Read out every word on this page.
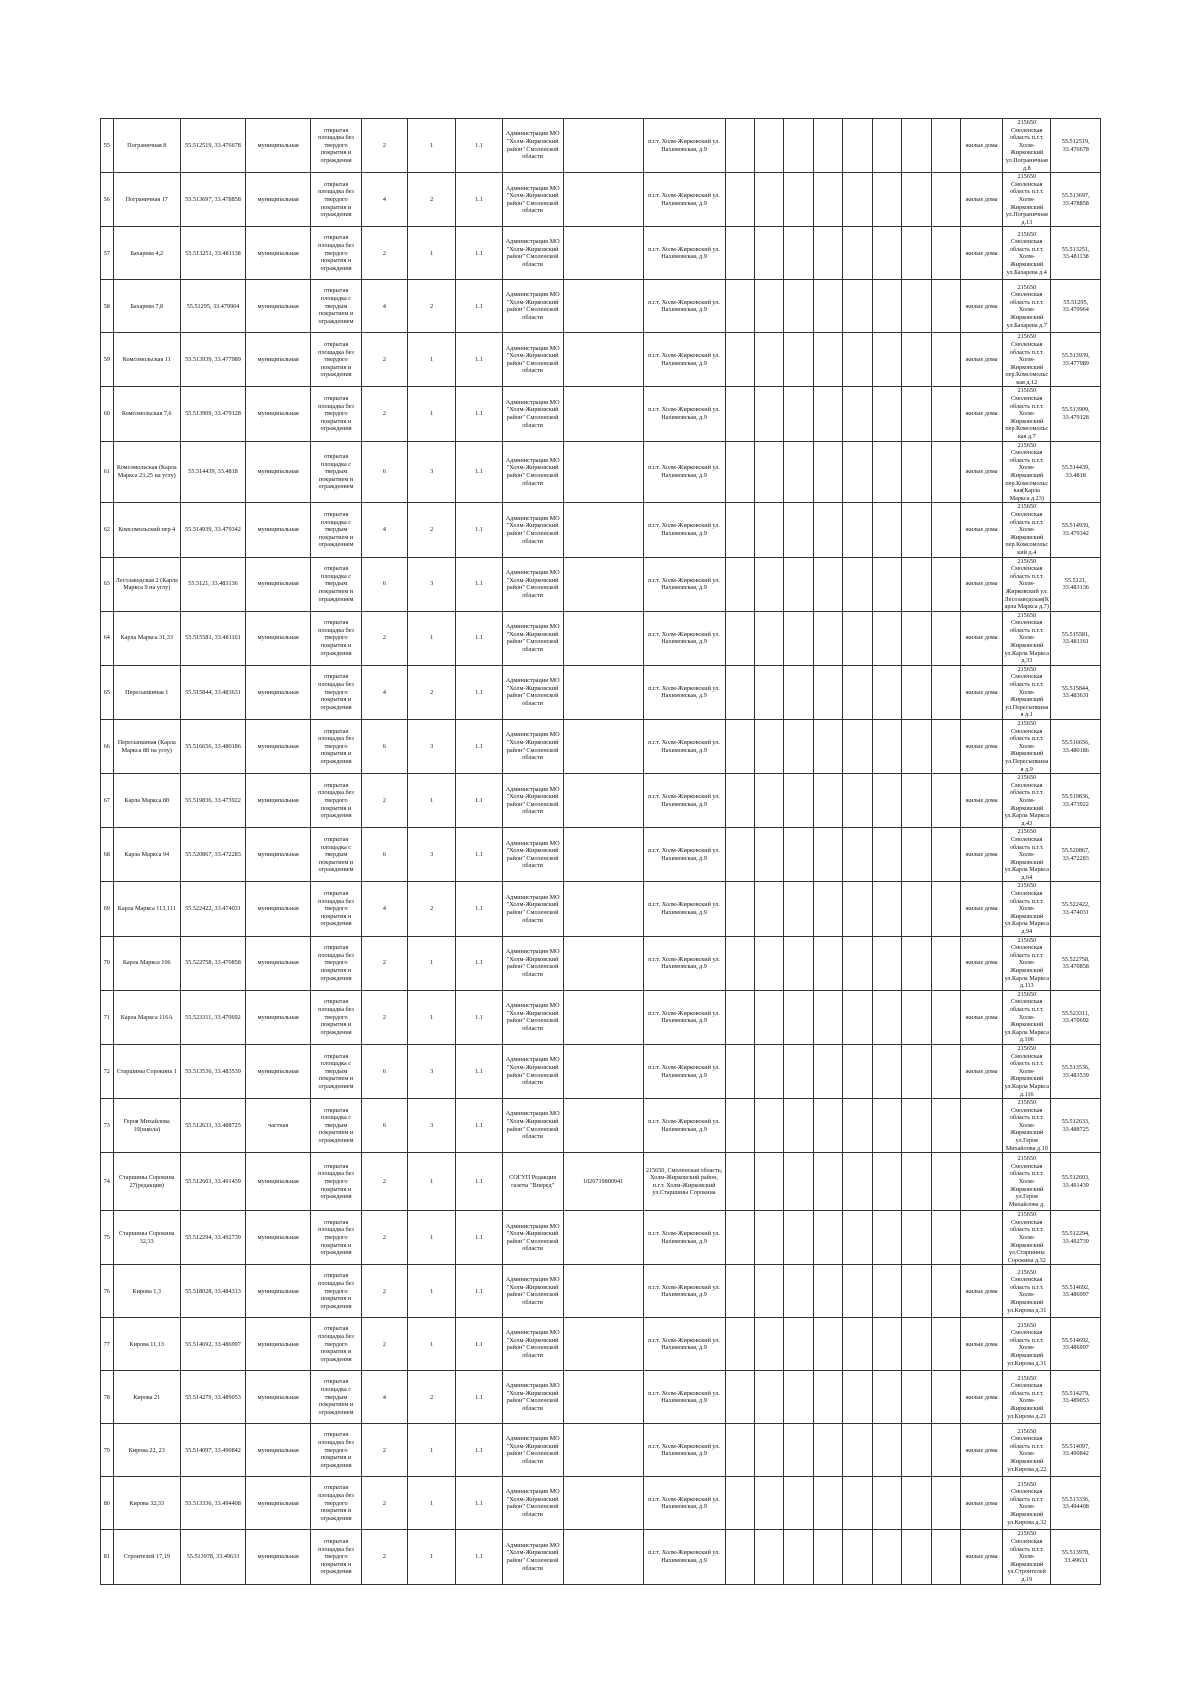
55	Пограничная 8	55.512519, 33.476678	муниципальная	открытая площадка без твердого покрытия и ограждения	2	1	1.1	Администрация МО "Холм-Жирковский район" Смоленской области		п.г.т. Холм-Жирковский ул. Нахимовская, д.9									жилые дома	215650 Смоленская область п.г.т. Холм-Жирковский ул.Пограничная д.8	55.512519, 33.476678
56	Пограничная 17	55.513697, 33.478858	муниципальная	открытая площадка без твердого покрытия и ограждения	4	2	1.1	Администрация МО "Холм-Жирковский район" Смоленской области		п.г.т. Холм-Жирковский ул. Нахимовская, д.9									жилые дома	215650 Смоленская область п.г.т. Холм-Жирковский ул.Пограничная д.13	55.513697, 33.478858
57	Бахарева 4,2	55.513251, 33.481138	муниципальная	открытая площадка без твердого покрытия и ограждения	2	1	1.1	Администрация МО "Холм-Жирковский район" Смоленской области		п.г.т. Холм-Жирковский ул. Нахимовская, д.9									жилые дома	215650 Смоленская область п.г.т. Холм-Жирковский ул.Бахарева д.4	55.513251, 33.481138
58	Бахарева 7,8	55.51295, 33.479964	муниципальная	открытая площадка с твердым покрытием и ограждением	4	2	1.1	Администрация МО "Холм-Жирковский район" Смоленской области		п.г.т. Холм-Жирковский ул. Нахимовская, д.9									жилые дома	215650 Смоленская область п.г.т. Холм-Жирковский ул.Бахарева д.7	55.51295, 33.479964
59	Комсомольская 11	55.513939, 33.477989	муниципальная	открытая площадка без твердого покрытия и ограждения	2	1	1.1	Администрация МО "Холм-Жирковский район" Смоленской области		п.г.т. Холм-Жирковский ул. Нахимовская, д.9									жилые дома	215650 Смоленская область п.г.т. Холм-Жирковский пер.Комсомольская д.12	55.513939, 33.477989
60	Комсомольская 7,6	55.513909, 33.479128	муниципальная	открытая площадка без твердого покрытия и ограждения	2	1	1.1	Администрация МО "Холм-Жирковский район" Смоленской области		п.г.т. Холм-Жирковский ул. Нахимовская, д.9									жилые дома	215650 Смоленская область п.г.т. Холм-Жирковский пер.Комсомольская д.7	55.513909, 33.479128
61	Комсомольская (Карла Маркса 23,25 на углу)	55.514439, 33.4818	муниципальная	открытая площадка с твердым покрытием и ограждением	6	3	1.1	Администрация МО "Холм-Жирковский район" Смоленской области		п.г.т. Холм-Жирковский ул. Нахимовская, д.9									жилые дома	215650 Смоленская область п.г.т. Холм-Жирковский пер.Комсомольская(Карла Маркса д.23)	55.514439, 33.4818
62	Комсомольский пер 4	55.514939, 33.479342	муниципальная	открытая площадка с твердым покрытием и ограждением	4	2	1.1	Администрация МО "Холм-Жирковский район" Смоленской области		п.г.т. Холм-Жирковский ул. Нахимовская, д.9									жилые дома	215650 Смоленская область п.г.т. Холм-Жирковский пер.Комсомольский д.4	55.514939, 33.479342
63	Лесозаводская 2 (Карла Маркса 9 на углу)	55.5121, 33.483136	муниципальная	открытая площадка с твердым покрытием и ограждением	6	3	1.1	Администрация МО "Холм-Жирковский район" Смоленской области		п.г.т. Холм-Жирковский ул. Нахимовская, д.9									жилые дома	215650 Смоленская область п.г.т. Холм-Жирковский ул. Лесозаводская(Карла Маркса д.7)	55.5121, 33.483136
64	Карла Маркса 31,33	55.515581, 33.481161	муниципальная	открытая площадка без твердого покрытия и ограждения	2	1	1.1	Администрация МО "Холм-Жирковский район" Смоленской области		п.г.т. Холм-Жирковский ул. Нахимовская, д.9									жилые дома	215650 Смоленская область п.г.т. Холм-Жирковский ул.Карла Маркса д.33	55.515581, 33.481161
65	Пересыпкиная 1	55.515844, 33.483631	муниципальная	открытая площадка без твердого покрытия и ограждения	4	2	1.1	Администрация МО "Холм-Жирковский район" Смоленской области		п.г.т. Холм-Жирковский ул. Нахимовская, д.9									жилые дома	215650 Смоленская область п.г.т. Холм-Жирковский ул.Пересыпкиная д.1	55.515844, 33.483631
66	Пересыпкиная (Карла Маркса 88 на углу)	55.516656, 33.480186	муниципальная	открытая площадка без твердого покрытия и ограждения	6	3	1.1	Администрация МО "Холм-Жирковский район" Смоленской области		п.г.т. Холм-Жирковский ул. Нахимовская, д.9									жилые дома	215650 Смоленская область п.г.т. Холм-Жирковский ул.Пересыпкиная д.9	55.516656, 33.480186
67	Карла Маркса 88	55.519836, 33.473922	муниципальная	открытая площадка без твердого покрытия и ограждения	2	1	1.1	Администрация МО "Холм-Жирковский район" Смоленской области		п.г.т. Холм-Жирковский ул. Нахимовская, д.9									жилые дома	215650 Смоленская область п.г.т. Холм-Жирковский ул.Карла Маркса д.43	55.519836, 33.473922
68	Карла Маркса 94	55.520867, 33.472283	муниципальная	открытая площадка с твердым покрытием и ограждением	6	3	1.1	Администрация МО "Холм-Жирковский район" Смоленской области		п.г.т. Холм-Жирковский ул. Нахимовская, д.9									жилые дома	215650 Смоленская область п.г.т. Холм-Жирковский ул.Карла Маркса д.64	55.520867, 33.472283
69	Карла Маркса 113,111	55.522422, 33.474031	муниципальная	открытая площадка без твердого покрытия и ограждения	4	2	1.1	Администрация МО "Холм-Жирковский район" Смоленской области		п.г.т. Холм-Жирковский ул. Нахимовская, д.9									жилые дома	215650 Смоленская область п.г.т. Холм-Жирковский ул.Карла Маркса д.94	55.522422, 33.474031
70	Карла Маркса 106	55.522758, 33.470858	муниципальная	открытая площадка без твердого покрытия и ограждения	2	1	1.1	Администрация МО "Холм-Жирковский район" Смоленской области		п.г.т. Холм-Жирковский ул. Нахимовская, д.9									жилые дома	215650 Смоленская область п.г.т. Холм-Жирковский ул.Карла Маркса д.113	55.522758, 33.470858
71	Карла Маркса 116А	55.523311, 33.470692	муниципальная	открытая площадка без твердого покрытия и ограждения	2	1	1.1	Администрация МО "Холм-Жирковский район" Смоленской области		п.г.т. Холм-Жирковский ул. Нахимовская, д.9									жилые дома	215650 Смоленская область п.г.т. Холм-Жирковский ул.Карла Маркса д.106	55.523311, 33.470692
72	Старшины Сорокина 1	55.513536, 33.483539	муниципальная	открытая площадка с твердым покрытием и ограждением	6	3	1.1	Администрация МО "Холм-Жирковский район" Смоленской области		п.г.т. Холм-Жирковский ул. Нахимовская, д.9									жилые дома	215650 Смоленская область п.г.т. Холм-Жирковский ул.Карла Маркса д.116	55.513536, 33.483539
73	Героя Михайлова 10(школа)	55.512633, 33.488725	частная	открытая площадка с твердым покрытием и ограждением	6	3	1.1	Администрация МО "Холм-Жирковский район" Смоленской области		п.г.т. Холм-Жирковский ул. Нахимовская, д.9										215650 Смоленская область п.г.т. Холм-Жирковский ул.Героя Михайлова д.10	55.512633, 33.488725
74	Старшины Сорокина 27(редакция)	55.512603, 33.491439	муниципальная	открытая площадка без твердого покрытия и ограждения	2	1	1.1	СОГУП Редакция газеты "Вперед"	1026719800941	215650, Смоленская область, Холм-Жирковский район, п.г.т. Холм-Жирковский ул.Старшины Сорокина										215650 Смоленская область п.г.т. Холм-Жирковский ул.Героя Михайлова д.	55.512603, 33.491439
75	Старшины Сорокина 32,33	55.512294, 33.492739	муниципальная	открытая площадка без твердого покрытия и ограждения	2	1	1.1	Администрация МО "Холм-Жирковский район" Смоленской области		п.г.т. Холм-Жирковский ул. Нахимовская, д.9										215650 Смоленская область п.г.т. Холм-Жирковский ул.Старшины Сорокина д.32	55.512294, 33.492739
76	Кирова 1,3	55.518028, 33.484313	муниципальная	открытая площадка без твердого покрытия и ограждения	2	1	1.1	Администрация МО "Холм-Жирковский район" Смоленской области		п.г.т. Холм-Жирковский ул. Нахимовская, д.9									жилые дома	215650 Смоленская область п.г.т. Холм-Жирковский ул.Кирова д.31	55.514692, 33.486997
77	Кирова 11,13	55.514692, 33.486997	муниципальная	открытая площадка без твердого покрытия и ограждения	2	1	1.1	Администрация МО "Холм-Жирковский район" Смоленской области		п.г.т. Холм-Жирковский ул. Нахимовская, д.9									жилые дома	215650 Смоленская область п.г.т. Холм-Жирковский ул.Кирова д.31	55.514692, 33.486997
78	Кирова 21	55.514279, 33.489053	муниципальная	открытая площадка с твердым покрытием и ограждением	4	2	1.1	Администрация МО "Холм-Жирковский район" Смоленской области		п.г.т. Холм-Жирковский ул. Нахимовская, д.9									жилые дома	215650 Смоленская область п.г.т. Холм-Жирковский ул.Кирова д.21	55.514279, 33.489053
79	Кирова 22, 23	55.514097, 33.490842	муниципальная	открытая площадка без твердого покрытия и ограждения	2	1	1.1	Администрация МО "Холм-Жирковский район" Смоленской области		п.г.т. Холм-Жирковский ул. Нахимовская, д.9									жилые дома	215650 Смоленская область п.г.т. Холм-Жирковский ул.Кирова д.22	55.514097, 33.490842
80	Кирова 32,33	55.513336, 33.494408	муниципальная	открытая площадка без твердого покрытия и ограждения	2	1	1.1	Администрация МО "Холм-Жирковский район" Смоленской области		п.г.т. Холм-Жирковский ул. Нахимовская, д.9									жилые дома	215650 Смоленская область п.г.т. Холм-Жирковский ул.Кирова д.32	55.513336, 33.494408
81	Строителей 17,19	55.513978, 33.49633	муниципальная	открытая площадка без твердого покрытия и ограждения	2	1	1.1	Администрация МО "Холм-Жирковский район" Смоленской области		п.г.т. Холм-Жирковский ул. Нахимовская, д.9									жилые дома	215650 Смоленская область п.г.т. Холм-Жирковский ул.Строителей д.19	55.513978, 33.49633
